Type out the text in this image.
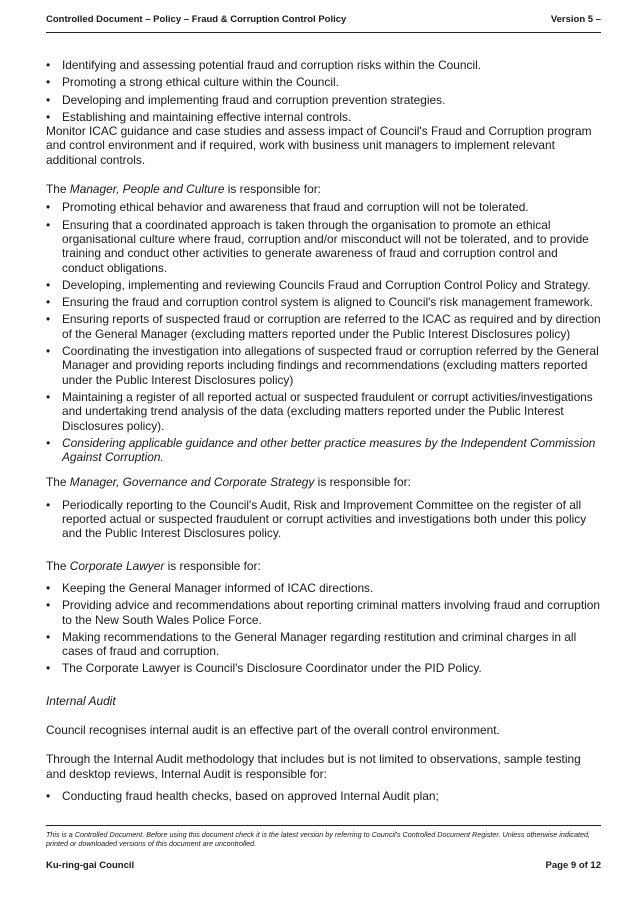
Controlled Document – Policy – Fraud & Corruption Control Policy	Version 5 –
• Identifying and assessing potential fraud and corruption risks within the Council.
• Promoting a strong ethical culture within the Council.
• Developing and implementing fraud and corruption prevention strategies.
• Establishing and maintaining effective internal controls.

Monitor ICAC guidance and case studies and assess impact of Council's Fraud and Corruption program and control environment and if required, work with business unit managers to implement relevant additional controls.

The Manager, People and Culture is responsible for:

• Promoting ethical behavior and awareness that fraud and corruption will not be tolerated.
• Ensuring that a coordinated approach is taken through the organisation to promote an ethical organisational culture where fraud, corruption and/or misconduct will not be tolerated, and to provide training and conduct other activities to generate awareness of fraud and corruption control and conduct obligations.
• Developing, implementing and reviewing Councils Fraud and Corruption Control Policy and Strategy.
• Ensuring the fraud and corruption control system is aligned to Council's risk management framework.
• Ensuring reports of suspected fraud or corruption are referred to the ICAC as required and by direction of the General Manager (excluding matters reported under the Public Interest Disclosures policy)
• Coordinating the investigation into allegations of suspected fraud or corruption referred by the General Manager and providing reports including findings and recommendations (excluding matters reported under the Public Interest Disclosures policy)
• Maintaining a register of all reported actual or suspected fraudulent or corrupt activities/investigations and undertaking trend analysis of the data (excluding matters reported under the Public Interest Disclosures policy).
• Considering applicable guidance and other better practice measures by the Independent Commission Against Corruption.

The Manager, Governance and Corporate Strategy is responsible for:

• Periodically reporting to the Council's Audit, Risk and Improvement Committee on the register of all reported actual or suspected fraudulent or corrupt activities and investigations both under this policy and the Public Interest Disclosures policy.

The Corporate Lawyer is responsible for:

• Keeping the General Manager informed of ICAC directions.
• Providing advice and recommendations about reporting criminal matters involving fraud and corruption to the New South Wales Police Force.
• Making recommendations to the General Manager regarding restitution and criminal charges in all cases of fraud and corruption.
• The Corporate Lawyer is Council's Disclosure Coordinator under the PID Policy.

Internal Audit

Council recognises internal audit is an effective part of the overall control environment.

Through the Internal Audit methodology that includes but is not limited to observations, sample testing and desktop reviews, Internal Audit is responsible for:

• Conducting fraud health checks, based on approved Internal Audit plan;
This is a Controlled Document. Before using this document check it is the latest version by referring to Council's Controlled Document Register. Unless otherwise indicated, printed or downloaded versions of this document are uncontrolled.
Ku-ring-gai Council	Page 9 of 12
